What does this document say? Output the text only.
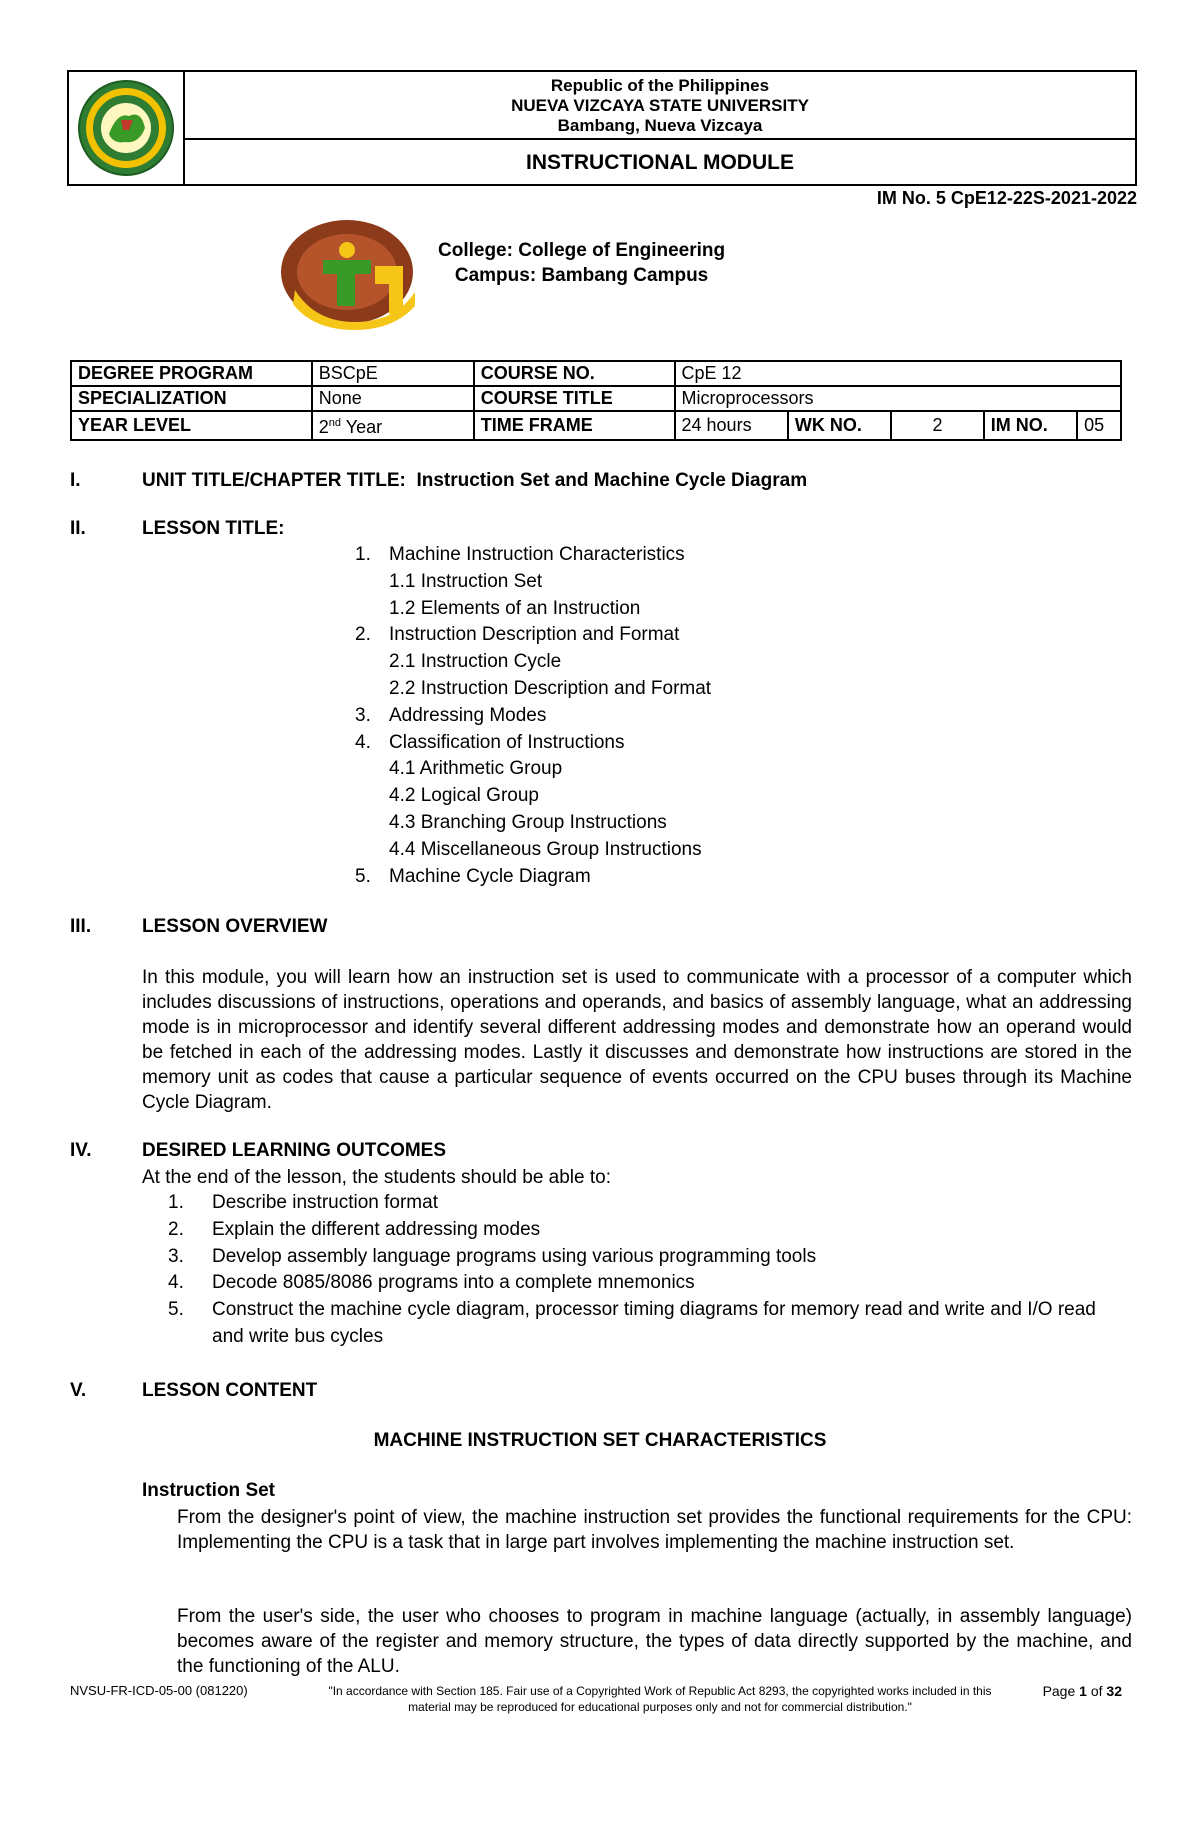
Republic of the Philippines
NUEVA VIZCAYA STATE UNIVERSITY
Bambang, Nueva Vizcaya
INSTRUCTIONAL MODULE
IM No. 5 CpE12-22S-2021-2022
College: College of Engineering
Campus: Bambang Campus
DEGREE PROGRAM	BSCpE	COURSE NO.	CpE 12				
SPECIALIZATION	None	COURSE TITLE	Microprocessors				
YEAR LEVEL	2nd Year	TIME FRAME	24 hours	WK NO.	2	IM NO.	05
I.	UNIT TITLE/CHAPTER TITLE: Instruction Set and Machine Cycle Diagram
II.	LESSON TITLE:
1. Machine Instruction Characteristics
1.1 Instruction Set
1.2 Elements of an Instruction
2. Instruction Description and Format
2.1 Instruction Cycle
2.2 Instruction Description and Format
3. Addressing Modes
4. Classification of Instructions
4.1 Arithmetic Group
4.2 Logical Group
4.3 Branching Group Instructions
4.4 Miscellaneous Group Instructions
5. Machine Cycle Diagram
III.	LESSON OVERVIEW
In this module, you will learn how an instruction set is used to communicate with a processor of a computer which includes discussions of instructions, operations and operands, and basics of assembly language, what an addressing mode is in microprocessor and identify several different addressing modes and demonstrate how an operand would be fetched in each of the addressing modes. Lastly it discusses and demonstrate how instructions are stored in the memory unit as codes that cause a particular sequence of events occurred on the CPU buses through its Machine Cycle Diagram.
IV.	DESIRED LEARNING OUTCOMES
At the end of the lesson, the students should be able to:
1.	Describe instruction format
2.	Explain the different addressing modes
3.	Develop assembly language programs using various programming tools
4.	Decode 8085/8086 programs into a complete mnemonics
5.	Construct the machine cycle diagram, processor timing diagrams for memory read and write and I/O read and write bus cycles
V.	LESSON CONTENT
MACHINE INSTRUCTION SET CHARACTERISTICS
Instruction Set
From the designer's point of view, the machine instruction set provides the functional requirements for the CPU: Implementing the CPU is a task that in large part involves implementing the machine instruction set.
From the user's side, the user who chooses to program in machine language (actually, in assembly language) becomes aware of the register and memory structure, the types of data directly supported by the machine, and the functioning of the ALU.
NVSU-FR-ICD-05-00 (081220)	"In accordance with Section 185. Fair use of a Copyrighted Work of Republic Act 8293, the copyrighted works included in this material may be reproduced for educational purposes only and not for commercial distribution."
Page 1 of 32
